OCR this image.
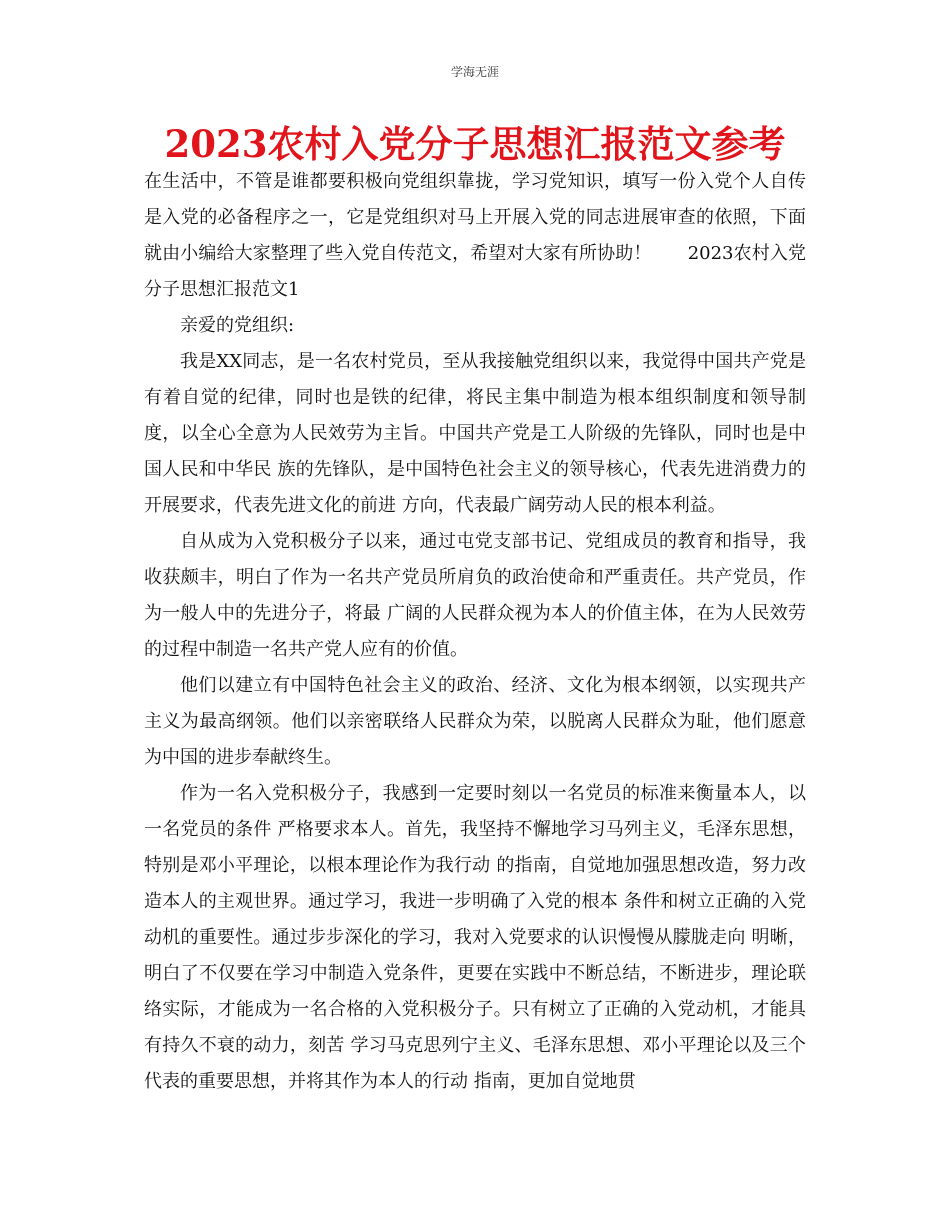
学海无涯
2023农村入党分子思想汇报范文参考

在生活中，不管是谁都要积极向党组织靠拢，学习党知识，填写一份入党个人自传是入党的必备程序之一，它是党组织对马上开展入党的同志进展审查的依照，下面就由小编给大家整理了些入党自传范文，希望对大家有所协助！　　2023农村入党分子思想汇报范文1

亲爱的党组织:

我是XX同志，是一名农村党员，至从我接触党组织以来，我觉得中国共产党是有着自觉的纪律，同时也是铁的纪律，将民主集中制造为根本组织制度和领导制度，以全心全意为人民效劳为主旨。中国共产党是工人阶级的先锋队，同时也是中国人民和中华民 族的先锋队，是中国特色社会主义的领导核心，代表先进消费力的开展要求，代表先进文化的前进 方向，代表最广阔劳动人民的根本利益。

自从成为入党积极分子以来，通过屯党支部书记、党组成员的教育和指导，我收获颇丰，明白了作为一名共产党员所肩负的政治使命和严重责任。共产党员，作为一般人中的先进分子，将最 广阔的人民群众视为本人的价值主体，在为人民效劳的过程中制造一名共产党人应有的价值。

他们以建立有中国特色社会主义的政治、经济、文化为根本纲领，以实现共产主义为最高纲领。他们以亲密联络人民群众为荣，以脱离人民群众为耻，他们愿意为中国的进步奉献终生。

作为一名入党积极分子，我感到一定要时刻以一名党员的标准来衡量本人，以一名党员的条件 严格要求本人。首先，我坚持不懈地学习马列主义，毛泽东思想，特别是邓小平理论，以根本理论作为我行动 的指南，自觉地加强思想改造，努力改造本人的主观世界。通过学习，我进一步明确了入党的根本 条件和树立正确的入党动机的重要性。通过步步深化的学习，我对入党要求的认识慢慢从朦胧走向 明晰，明白了不仅要在学习中制造入党条件，更要在实践中不断总结，不断进步，理论联络实际，才能成为一名合格的入党积极分子。只有树立了正确的入党动机，才能具有持久不衰的动力，刻苦 学习马克思列宁主义、毛泽东思想、邓小平理论以及三个代表的重要思想，并将其作为本人的行动 指南，更加自觉地贯
